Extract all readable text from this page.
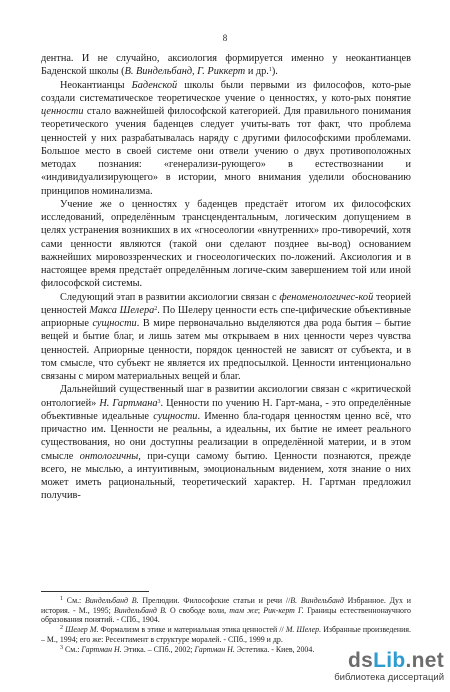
8

дентна. И не случайно, аксиология формируется именно у неокантианцев Баденской школы (В. Виндельбанд, Г. Риккерт и др.$^1$).

Неокантианцы Баденской школы были первыми из философов, кото-рые создали систематическое теоретическое учение о ценностях, у кото-рых понятие ценности стало важнейшей философской категорией. Для правильного понимания теоретического учения баденцев следует учиты-вать тот факт, что проблема ценностей у них разрабатывалась наряду с другими философскими проблемами. Большое место в своей системе они отвели учению о двух противоположных методах познания: «генерализи-рующего» в естествознании и «индивидуализирующего» в истории, много внимания уделили обоснованию принципов номинализма.

Учение же о ценностях у баденцев предстаёт итогом их философских исследований, определённым трансцендентальным, логическим допущением в целях устранения возникших в их «гносеологии «внутренних» про-тиворечий, хотя сами ценности являются (такой они сделают позднее вы-вод) основанием важнейших мировоззренческих и гносеологических по-ложений. Аксиология и в настоящее время предстаёт определённым логиче-ским завершением той или иной философской системы.

Следующий этап в развитии аксиологии связан с феноменологичес-кой теорией ценностей Макса Шелера$^2$. По Шелеру ценности есть спе-цифические объективные априорные сущности. В мире первоначально выделяются два рода бытия – бытие вещей и бытие благ, и лишь затем мы открываем в них ценности через чувства ценностей. Априорные ценности, порядок ценностей не зависят от субъекта, и в том смысле, что субъект не является их предпосылкой. Ценности интенционально связаны с миром материальных вещей и благ.

Дальнейший существенный шаг в развитии аксиологии связан с «критической онтологией» Н. Гартмана$^3$. Ценности по учению Н. Гарт-мана, - это определённые объективные идеальные сущности. Именно бла-годаря ценностям ценно всё, что причастно им. Ценности не реальны, а идеальны, их бытие не имеет реального существования, но они доступны реализации в определённой материи, и в этом смысле онтологичны, при-сущи самому бытию. Ценности познаются, прежде всего, не мыслью, а интуитивным, эмоциональным видением, хотя знание о них может иметь рациональный, теоретический характер. Н. Гартман предложил получив-

$^1$ См.: Виндельбанд В. Прелюдии. Философские статьи и речи //В. Виндельбанд Избранное. Дух и история. - М., 1995; Виндельбанд В. О свободе воли, там же; Рик-керт Г. Границы естественнонаучного образования понятий. - СПб., 1904.

$^2$ Шелер М. Формализм в этике и материальная этика ценностей // М. Шелер. Избранные произведения. – М., 1994; его же: Ресентимент в структуре моралей. - СПб., 1999 и др.

$^3$ См.: Гартман Н. Этика. – СПб., 2002; Гартман Н. Эстетика. - Киев, 2004.	dsLib.net
библиотека диссертаций
